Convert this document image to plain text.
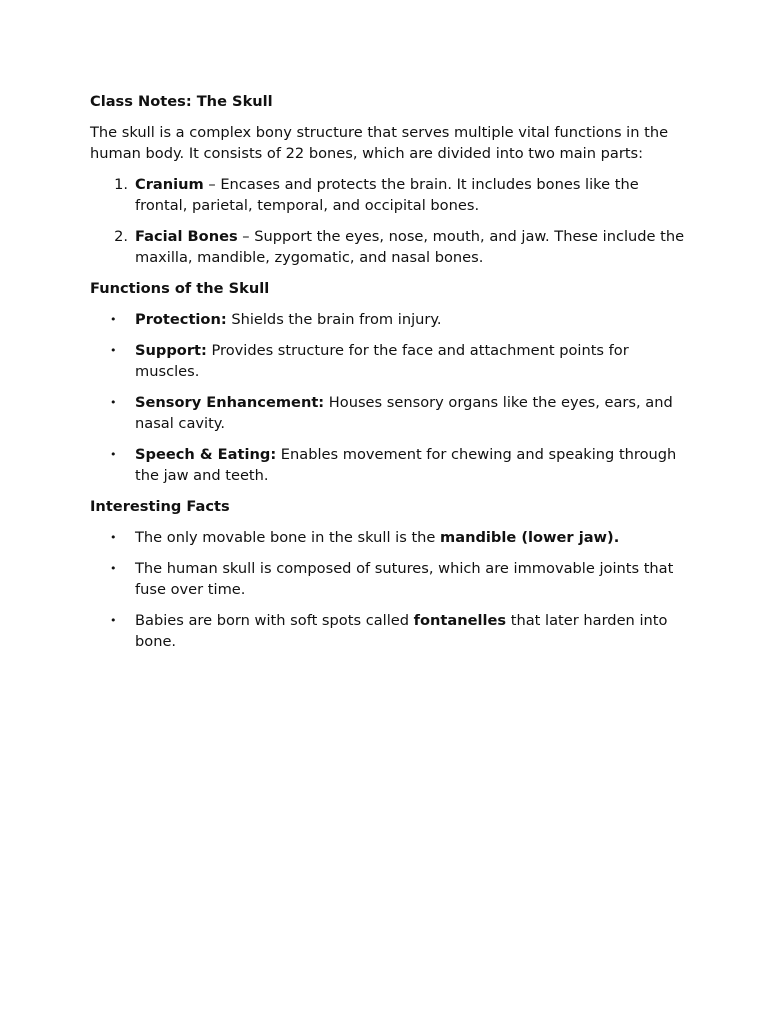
Class Notes: The Skull
The skull is a complex bony structure that serves multiple vital functions in the human body. It consists of 22 bones, which are divided into two main parts:
1. Cranium – Encases and protects the brain. It includes bones like the frontal, parietal, temporal, and occipital bones.
2. Facial Bones – Support the eyes, nose, mouth, and jaw. These include the maxilla, mandible, zygomatic, and nasal bones.
Functions of the Skull
• Protection: Shields the brain from injury.
• Support: Provides structure for the face and attachment points for muscles.
• Sensory Enhancement: Houses sensory organs like the eyes, ears, and nasal cavity.
• Speech & Eating: Enables movement for chewing and speaking through the jaw and teeth.
Interesting Facts
• The only movable bone in the skull is the mandible (lower jaw).
• The human skull is composed of sutures, which are immovable joints that fuse over time.
• Babies are born with soft spots called fontanelles that later harden into bone.
